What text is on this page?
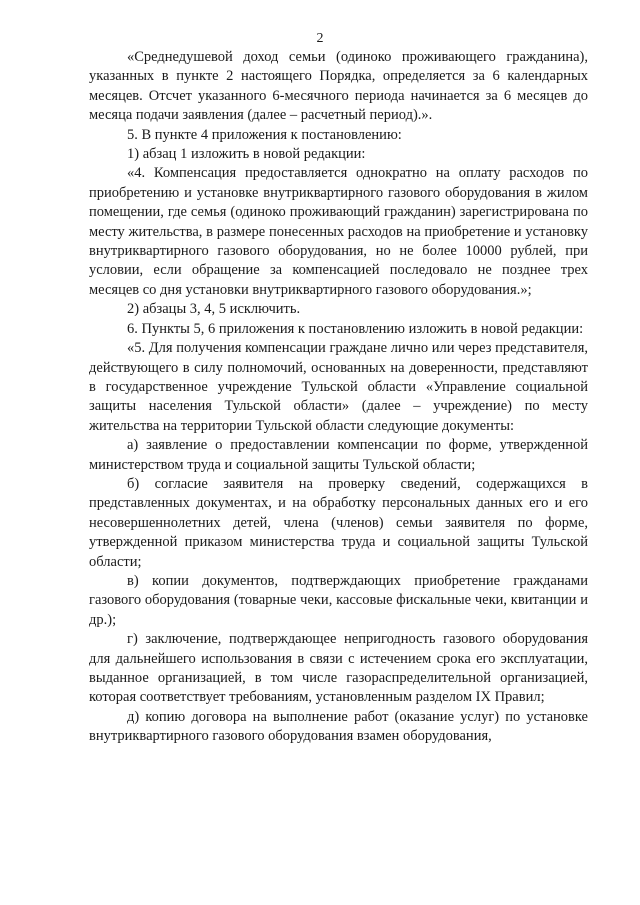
2

«Среднедушевой доход семьи (одиноко проживающего гражданина), указанных в пункте 2 настоящего Порядка, определяется за 6 календарных месяцев. Отсчет указанного 6-месячного периода начинается за 6 месяцев до месяца подачи заявления (далее – расчетный период).».

5. В пункте 4 приложения к постановлению:

1) абзац 1 изложить в новой редакции:

«4. Компенсация предоставляется однократно на оплату расходов по приобретению и установке внутриквартирного газового оборудования в жилом помещении, где семья (одиноко проживающий гражданин) зарегистрирована по месту жительства, в размере понесенных расходов на приобретение и установку внутриквартирного газового оборудования, но не более 10000 рублей, при условии, если обращение за компенсацией последовало не позднее трех месяцев со дня установки внутриквартирного газового оборудования.»;

2) абзацы 3, 4, 5 исключить.

6. Пункты 5, 6 приложения к постановлению изложить в новой редакции:

«5. Для получения компенсации граждане лично или через представителя, действующего в силу полномочий, основанных на доверенности, представляют в государственное учреждение Тульской области «Управление социальной защиты населения Тульской области» (далее – учреждение) по месту жительства на территории Тульской области следующие документы:

а) заявление о предоставлении компенсации по форме, утвержденной министерством труда и социальной защиты Тульской области;

б) согласие заявителя на проверку сведений, содержащихся в представленных документах, и на обработку персональных данных его и его несовершеннолетних детей, члена (членов) семьи заявителя по форме, утвержденной приказом министерства труда и социальной защиты Тульской области;

в) копии документов, подтверждающих приобретение гражданами газового оборудования (товарные чеки, кассовые фискальные чеки, квитанции и др.);

г) заключение, подтверждающее непригодность газового оборудования для дальнейшего использования в связи с истечением срока его эксплуатации, выданное организацией, в том числе газораспределительной организацией, которая соответствует требованиям, установленным разделом IX Правил;

д) копию договора на выполнение работ (оказание услуг) по установке внутриквартирного газового оборудования взамен оборудования,
